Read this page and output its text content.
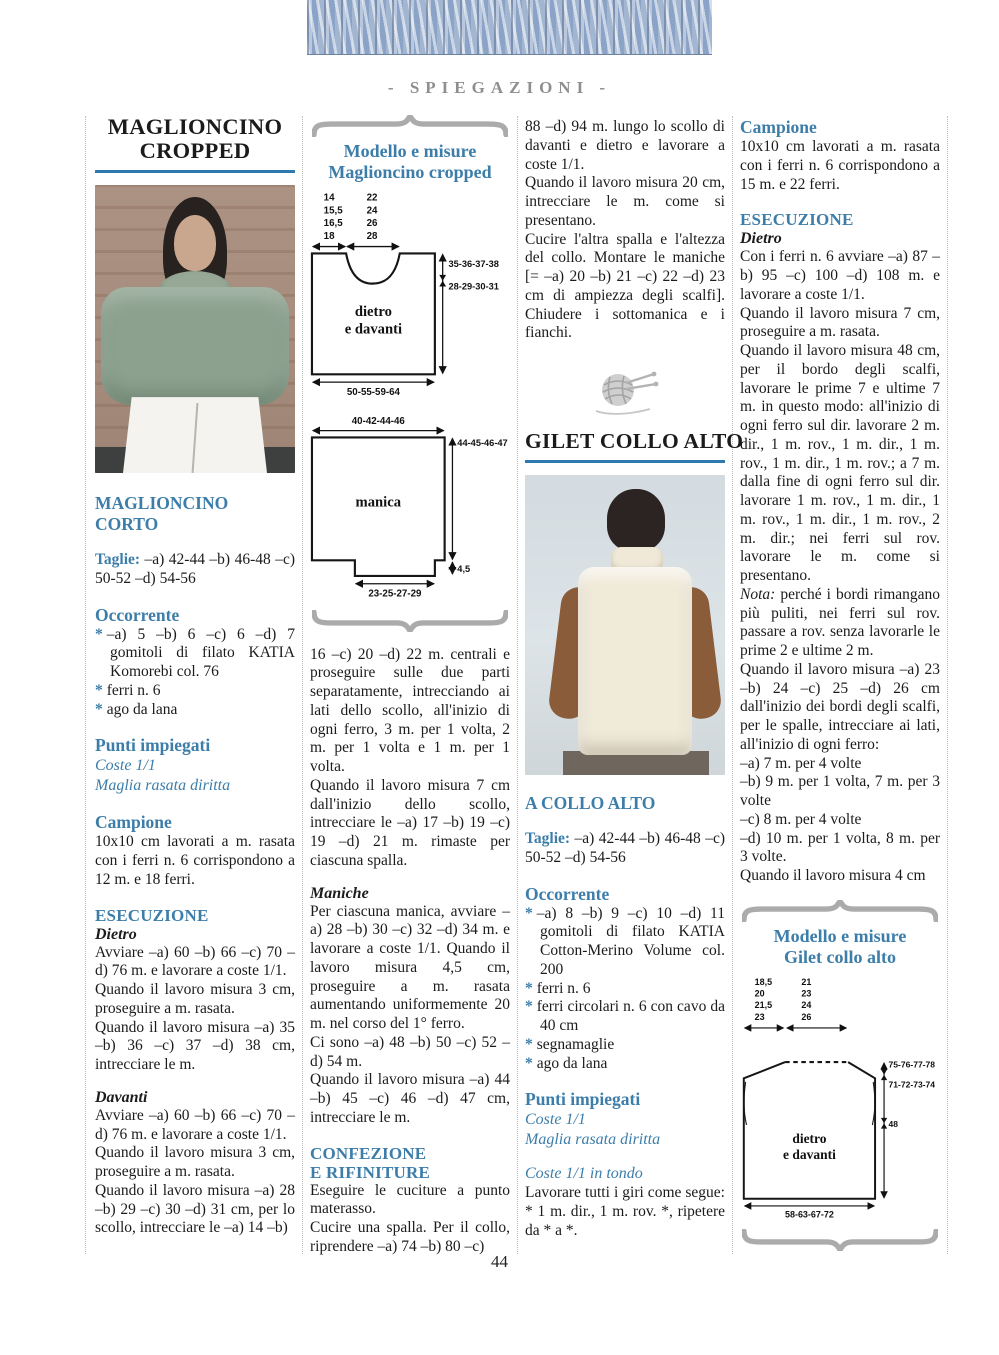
- SPIEGAZIONI -
MAGLIONCINO
CROPPED
MAGLIONCINO CORTO

Taglie: –a) 42-44 –b) 46-48 –c) 50-52 –d) 54-56

Occorrente
* –a) 5 –b) 6 –c) 6 –d) 7 gomitoli di filato KATIA Komorebi col. 76
* ferri n. 6
* ago da lana
Punti impiegati
Coste 1/1
Maglia rasata diritta
Campione

10x10 cm lavorati a m. rasata con i ferri n. 6 corrispondono a 12 m. e 18 ferri.

ESECUZIONE
Dietro

Avviare –a) 60 –b) 66 –c) 70 –d) 76 m. e lavorare a coste 1/1.

Quando il lavoro misura 3 cm, proseguire a m. rasata.

Quando il lavoro misura –a) 35 –b) 36 –c) 37 –d) 38 cm, intrecciare le m.

Davanti

Avviare –a) 60 –b) 66 –c) 70 –d) 76 m. e lavorare a coste 1/1.

Quando il lavoro misura 3 cm, proseguire a m. rasata.

Quando il lavoro misura –a) 28 –b) 29 –c) 30 –d) 31 cm, per lo scollo, intrecciare le –a) 14 –b)

Modello e misure
Maglioncino cropped
14
15,5
16,5
18
22
24
26
28
dietro
e davanti
35-36-37-38
28-29-30-31
50-55-59-64
40-42-44-46
manica
44-45-46-47
4,5
23-25-27-29

16 –c) 20 –d) 22 m. centrali e proseguire sulle due parti separatamente, intrecciando ai lati dello scollo, all'inizio di ogni ferro, 3 m. per 1 volta, 2 m. per 1 volta e 1 m. per 1 volta.

Quando il lavoro misura 7 cm dall'inizio dello scollo, intrecciare le –a) 17 –b) 19 –c) 19 –d) 21 m. rimaste per ciascuna spalla.

Maniche

Per ciascuna manica, avviare –a) 28 –b) 30 –c) 32 –d) 34 m. e lavorare a coste 1/1. Quando il lavoro misura 4,5 cm, proseguire a m. rasata aumentando uniformemente 20 m. nel corso del 1° ferro.

Ci sono –a) 48 –b) 50 –c) 52 –d) 54 m.

Quando il lavoro misura –a) 44 –b) 45 –c) 46 –d) 47 cm, intrecciare le m.

CONFEZIONE
E RIFINITURE

Eseguire le cuciture a punto materasso.

Cucire una spalla. Per il collo, riprendere –a) 74 –b) 80 –c)

88 –d) 94 m. lungo lo scollo di davanti e dietro e lavorare a coste 1/1.

Quando il lavoro misura 20 cm, intrecciare le m. come si presentano.

Cucire l'altra spalla e l'altezza del collo. Montare le maniche [= –a) 20 –b) 21 –c) 22 –d) 23 cm di ampiezza degli scalfi]. Chiudere i sottomanica e i fianchi.

GILET COLLO ALTO
A COLLO ALTO

Taglie: –a) 42-44 –b) 46-48 –c) 50-52 –d) 54-56

Occorrente
* –a) 8 –b) 9 –c) 10 –d) 11 gomitoli di filato KATIA Cotton-Merino Volume col. 200
* ferri n. 6
* ferri circolari n. 6 con cavo da 40 cm
* segnamaglie
* ago da lana
Punti impiegati
Coste 1/1
Maglia rasata diritta
Coste 1/1 in tondo

Lavorare tutti i giri come segue: * 1 m. dir., 1 m. rov. *, ripetere da * a *.

Campione

10x10 cm lavorati a m. rasata con i ferri n. 6 corrispondono a 15 m. e 22 ferri.

ESECUZIONE
Dietro

Con i ferri n. 6 avviare –a) 87 –b) 95 –c) 100 –d) 108 m. e lavorare a coste 1/1.

Quando il lavoro misura 7 cm, proseguire a m. rasata.

Quando il lavoro misura 48 cm, per il bordo degli scalfi, lavorare le prime 7 e ultime 7 m. in questo modo: all'inizio di ogni ferro sul dir. lavorare 2 m. dir., 1 m. rov., 1 m. dir., 1 m. rov., 1 m. dir., 1 m. rov.; a 7 m. dalla fine di ogni ferro sul dir. lavorare 1 m. rov., 1 m. dir., 1 m. rov., 1 m. dir., 1 m. rov., 2 m. dir.; nei ferri sul rov. lavorare le m. come si presentano.

Nota: perché i bordi rimangano più puliti, nei ferri sul rov. passare a rov. senza lavorarle le prime 2 e ultime 2 m.

Quando il lavoro misura –a) 23 –b) 24 –c) 25 –d) 26 cm dall'inizio dei bordi degli scalfi, per le spalle, intrecciare ai lati, all'inizio di ogni ferro:

–a) 7 m. per 4 volte

–b) 9 m. per 1 volta, 7 m. per 3 volte

–c) 8 m. per 4 volte

–d) 10 m. per 1 volta, 8 m. per 3 volte.

Quando il lavoro misura 4 cm

Modello e misure
Gilet collo alto
18,5
20
21,5
23
21
23
24
26
dietro
e davanti
75-76-77-78
71-72-73-74
48
58-63-67-72
44
